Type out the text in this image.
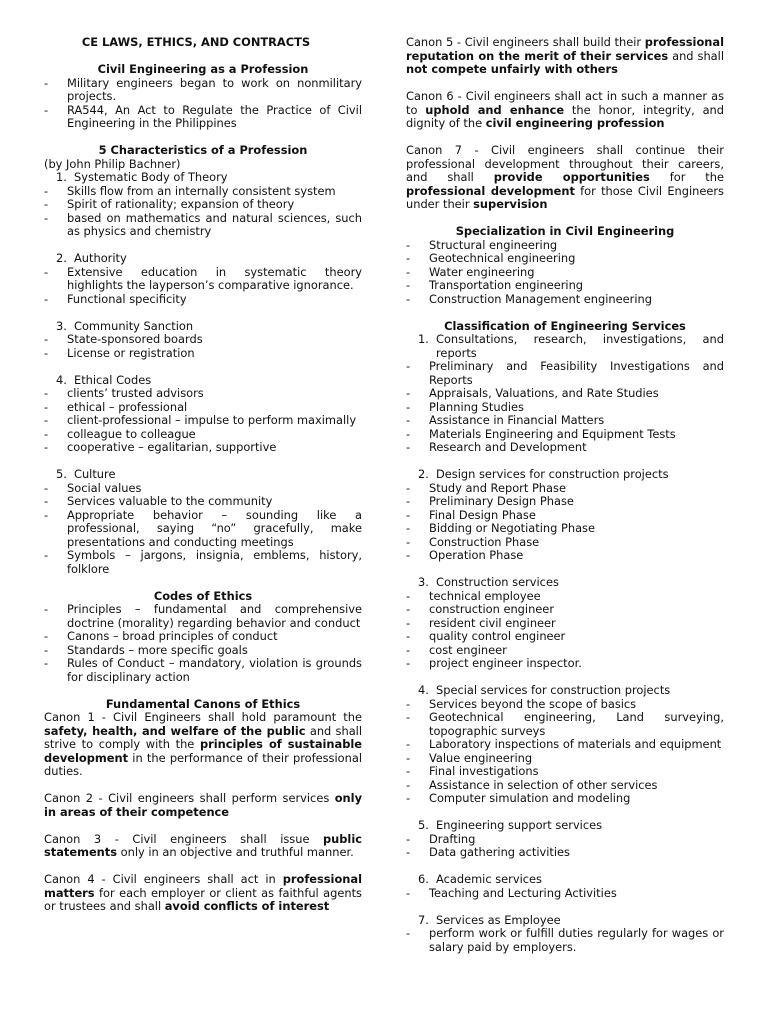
CE LAWS, ETHICS, AND CONTRACTS
Civil Engineering as a Profession
- Military engineers began to work on nonmilitary projects.
- RA544, An Act to Regulate the Practice of Civil Engineering in the Philippines
5 Characteristics of a Profession
(by John Philip Bachner)
1. Systematic Body of Theory
- Skills flow from an internally consistent system
- Spirit of rationality; expansion of theory
- based on mathematics and natural sciences, such as physics and chemistry
2. Authority
- Extensive education in systematic theory highlights the layperson’s comparative ignorance.
- Functional specificity
3. Community Sanction
- State-sponsored boards
- License or registration
4. Ethical Codes
- clients’ trusted advisors
- ethical – professional
- client-professional – impulse to perform maximally
- colleague to colleague
- cooperative – egalitarian, supportive
5. Culture
- Social values
- Services valuable to the community
- Appropriate behavior – sounding like a professional, saying “no” gracefully, make presentations and conducting meetings
- Symbols – jargons, insignia, emblems, history, folklore
Codes of Ethics
- Principles – fundamental and comprehensive doctrine (morality) regarding behavior and conduct
- Canons – broad principles of conduct
- Standards – more specific goals
- Rules of Conduct – mandatory, violation is grounds for disciplinary action
Fundamental Canons of Ethics

Canon 1 - Civil Engineers shall hold paramount the safety, health, and welfare of the public and shall strive to comply with the principles of sustainable development in the performance of their professional duties.

Canon 2 - Civil engineers shall perform services only in areas of their competence

Canon 3 - Civil engineers shall issue public statements only in an objective and truthful manner.

Canon 4 - Civil engineers shall act in professional matters for each employer or client as faithful agents or trustees and shall avoid conflicts of interest

Canon 5 - Civil engineers shall build their professional reputation on the merit of their services and shall not compete unfairly with others

Canon 6 - Civil engineers shall act in such a manner as to uphold and enhance the honor, integrity, and dignity of the civil engineering profession

Canon 7 - Civil engineers shall continue their professional development throughout their careers, and shall provide opportunities for the professional development for those Civil Engineers under their supervision

Specialization in Civil Engineering
- Structural engineering
- Geotechnical engineering
- Water engineering
- Transportation engineering
- Construction Management engineering
Classification of Engineering Services
1. Consultations, research, investigations, and reports
- Preliminary and Feasibility Investigations and Reports
- Appraisals, Valuations, and Rate Studies
- Planning Studies
- Assistance in Financial Matters
- Materials Engineering and Equipment Tests
- Research and Development
2. Design services for construction projects
- Study and Report Phase
- Preliminary Design Phase
- Final Design Phase
- Bidding or Negotiating Phase
- Construction Phase
- Operation Phase
3. Construction services
- technical employee
- construction engineer
- resident civil engineer
- quality control engineer
- cost engineer
- project engineer inspector.
4. Special services for construction projects
- Services beyond the scope of basics
- Geotechnical engineering, Land surveying, topographic surveys
- Laboratory inspections of materials and equipment
- Value engineering
- Final investigations
- Assistance in selection of other services
- Computer simulation and modeling
5. Engineering support services
- Drafting
- Data gathering activities
6. Academic services
- Teaching and Lecturing Activities
7. Services as Employee
- perform work or fulfill duties regularly for wages or salary paid by employers.
